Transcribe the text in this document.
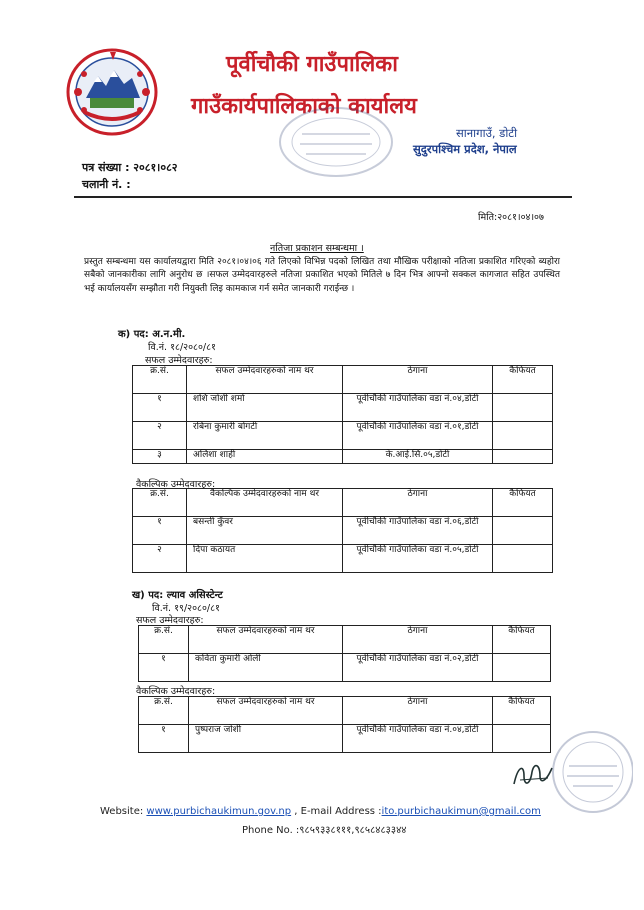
पूर्वीचौकी गाउँपालिका
गाउँकार्यपालिकाको कार्यालय
सानागाउँ, डोटी
सुदुरपश्चिम प्रदेश, नेपाल
पत्र संख्या : २०८१।०८२
चलानी नं. :
मिति:२०८१।०४।०७
नतिजा प्रकाशन सम्बन्धमा ।
प्रस्तुत सम्बन्धमा यस कार्यालयद्वारा मिति २०८१।०४।०६ गते लिएको विभिन्न पदको लिखित तथा मौखिक परीक्षाको नतिजा प्रकाशित गरिएको ब्यहोरा सबैको जानकारीका लागि अनुरोध छ ।सफल उम्मेदवारहरुले नतिजा प्रकाशित भएको मितिले ७ दिन भित्र आफ्नो सक्कल कागजात सहित उपस्थित भई कार्यालयसँग सम्झौता गरी नियुक्ती लिइ कामकाज गर्न समेत जानकारी गराईन्छ ।
क) पद: अ.न.मी.
वि.नं. १८/२०८०/८१
सफल उम्मेदवारहरु:
क्र.सं.	सफल उम्मेदवारहरुको नाम थर	ठेगाना	कैफियत
१	शशि जोशी शर्मा	पूर्वीचौकी गाउँपालिका वडा नं.०४,डोटी	
२	रबिना कुमारी बोगटी	पूर्वीचौकी गाउँपालिका वडा नं.०१,डोटी	
३	अलिशा शाही	के.आई.सिं.०५,डोटी	
वैकल्पिक उम्मेदवारहरु:
क्र.सं.	वैकल्पिक उम्मेदवारहरुको नाम थर	ठेगाना	कैफियत
१	बसन्ती कुँवर	पूर्वीचौकी गाउँपालिका वडा नं.०६,डोटी	
२	दिपा कठायत	पूर्वीचौकी गाउँपालिका वडा नं.०५,डोटी	
ख) पद: ल्याव असिस्टेन्ट
वि.नं. १९/२०८०/८१
सफल उम्मेदवारहरु:
क्र.सं.	सफल उम्मेदवारहरुको नाम थर	ठेगाना	कैफियत
१	कविता कुमारी ओली	पूर्वीचौकी गाउँपालिका वडा नं.०२,डोटी	
वैकल्पिक उम्मेदवारहरु:
क्र.सं.	सफल उम्मेदवारहरुको नाम थर	ठेगाना	कैफियत
१	पुष्पराज जोशी	पूर्वीचौकी गाउँपालिका वडा नं.०४,डोटी	
Website: www.purbichaukimun.gov.np , E-mail Address :ito.purbichaukimun@gmail.com
Phone No. :९८५९३३८१११,९८५८४८३३४४
